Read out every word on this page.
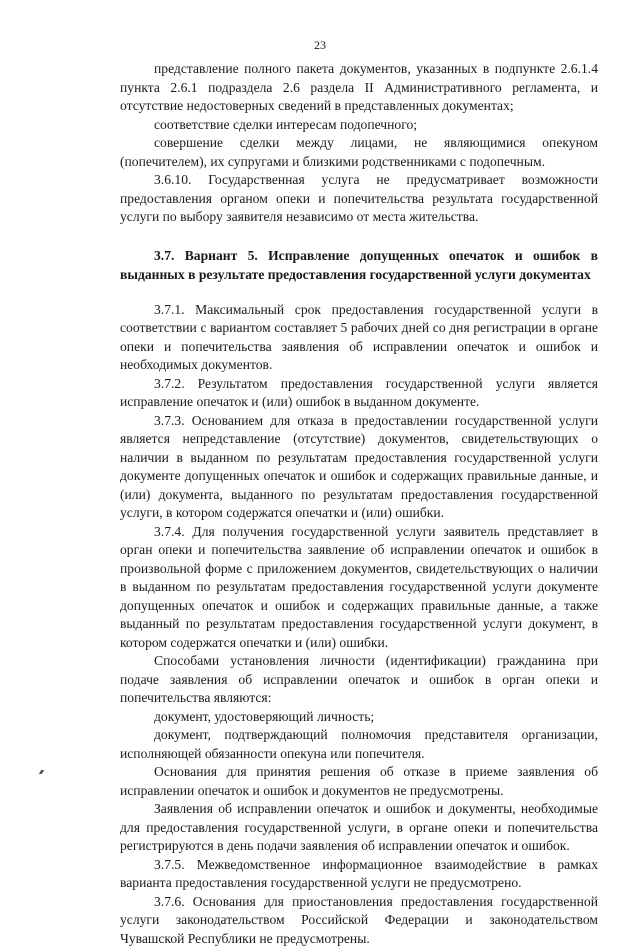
23

представление полного пакета документов, указанных в подпункте 2.6.1.4 пункта 2.6.1 подраздела 2.6 раздела II Административного регламента, и отсутствие недостоверных сведений в представленных документах;

соответствие сделки интересам подопечного;

совершение сделки между лицами, не являющимися опекуном (попечителем), их супругами и близкими родственниками с подопечным.

3.6.10. Государственная услуга не предусматривает возможности предоставления органом опеки и попечительства результата государственной услуги по выбору заявителя независимо от места жительства.

3.7. Вариант 5. Исправление допущенных опечаток и ошибок в выданных в результате предоставления государственной услуги документах

3.7.1. Максимальный срок предоставления государственной услуги в соответствии с вариантом составляет 5 рабочих дней со дня регистрации в органе опеки и попечительства заявления об исправлении опечаток и ошибок и необходимых документов.

3.7.2. Результатом предоставления государственной услуги является исправление опечаток и (или) ошибок в выданном документе.

3.7.3. Основанием для отказа в предоставлении государственной услуги является непредставление (отсутствие) документов, свидетельствующих о наличии в выданном по результатам предоставления государственной услуги документе допущенных опечаток и ошибок и содержащих правильные данные, и (или) документа, выданного по результатам предоставления государственной услуги, в котором содержатся опечатки и (или) ошибки.

3.7.4. Для получения государственной услуги заявитель представляет в орган опеки и попечительства заявление об исправлении опечаток и ошибок в произвольной форме с приложением документов, свидетельствующих о наличии в выданном по результатам предоставления государственной услуги документе допущенных опечаток и ошибок и содержащих правильные данные, а также выданный по результатам предоставления государственной услуги документ, в котором содержатся опечатки и (или) ошибки.

Способами установления личности (идентификации) гражданина при подаче заявления об исправлении опечаток и ошибок в орган опеки и попечительства являются:

документ, удостоверяющий личность;

документ, подтверждающий полномочия представителя организации, исполняющей обязанности опекуна или попечителя.

Основания для принятия решения об отказе в приеме заявления об исправлении опечаток и ошибок и документов не предусмотрены.

Заявления об исправлении опечаток и ошибок и документы, необходимые для предоставления государственной услуги, в органе опеки и попечительства регистрируются в день подачи заявления об исправлении опечаток и ошибок.

3.7.5. Межведомственное информационное взаимодействие в рамках варианта предоставления государственной услуги не предусмотрено.

3.7.6. Основания для приостановления предоставления государственной услуги законодательством Российской Федерации и законодательством Чувашской Республики не предусмотрены.
